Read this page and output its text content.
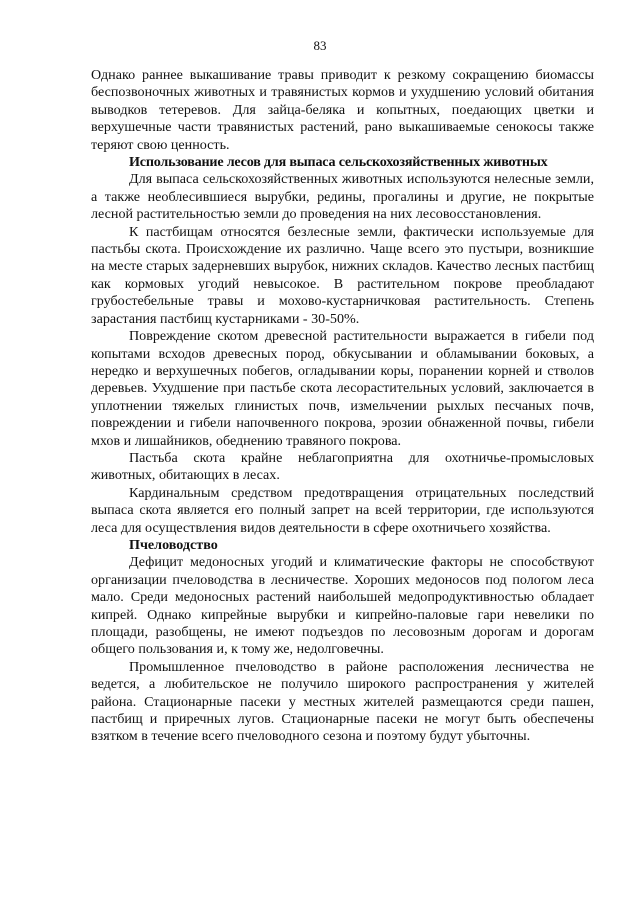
83

Однако раннее выкашивание травы приводит к резкому сокращению биомассы беспозвоночных животных и травянистых кормов и ухудшению условий обитания выводков тетеревов. Для зайца-беляка и копытных, поедающих цветки и верхушечные части травянистых растений, рано выкашиваемые сенокосы также теряют свою ценность.

Использование лесов для выпаса сельскохозяйственных животных

Для выпаса сельскохозяйственных животных используются нелесные земли, а также необлесившиеся вырубки, редины, прогалины и другие, не покрытые лесной растительностью земли до проведения на них лесовосстановления.

К пастбищам относятся безлесные земли, фактически используемые для пастьбы скота. Происхождение их различно. Чаще всего это пустыри, возникшие на месте старых задерневших вырубок, нижних складов. Качество лесных пастбищ как кормовых угодий невысокое. В растительном покрове преобладают грубостебельные травы и мохово-кустарничковая растительность. Степень зарастания пастбищ кустарниками - 30-50%.

Повреждение скотом древесной растительности выражается в гибели под копытами всходов древесных пород, обкусывании и обламывании боковых, а нередко и верхушечных побегов, огладывании коры, поранении корней и стволов деревьев. Ухудшение при пастьбе скота лесорастительных условий, заключается в уплотнении тяжелых глинистых почв, измельчении рыхлых песчаных почв, повреждении и гибели напочвенного покрова, эрозии обнаженной почвы, гибели мхов и лишайников, обеднению травяного покрова.

Пастьба скота крайне неблагоприятна для охотничье-промысловых животных, обитающих в лесах.

Кардинальным средством предотвращения отрицательных последствий выпаса скота является его полный запрет на всей территории, где используются леса для осуществления видов деятельности в сфере охотничьего хозяйства.

Пчеловодство

Дефицит медоносных угодий и климатические факторы не способствуют организации пчеловодства в лесничестве. Хороших медоносов под пологом леса мало. Среди медоносных растений наибольшей медопродуктивностью обладает кипрей. Однако кипрейные вырубки и кипрейно-паловые гари невелики по площади, разобщены, не имеют подъездов по лесовозным дорогам и дорогам общего пользования и, к тому же, недолговечны.

Промышленное пчеловодство в районе расположения лесничества не ведется, а любительское не получило широкого распространения у жителей района. Стационарные пасеки у местных жителей размещаются среди пашен, пастбищ и приречных лугов. Стационарные пасеки не могут быть обеспечены взятком в течение всего пчеловодного сезона и поэтому будут убыточны.
